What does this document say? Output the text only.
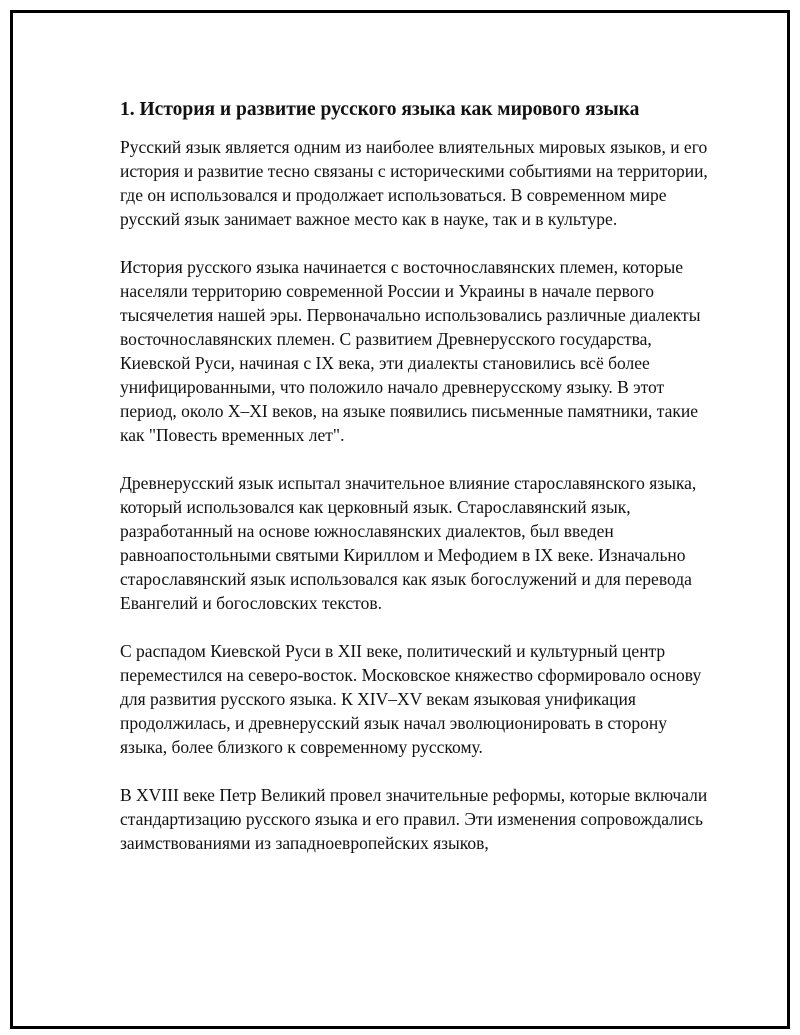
1. История и развитие русского языка как мирового языка

Русский язык является одним из наиболее влиятельных мировых языков, и его история и развитие тесно связаны с историческими событиями на территории, где он использовался и продолжает использоваться. В современном мире русский язык занимает важное место как в науке, так и в культуре.

История русского языка начинается с восточнославянских племен, которые населяли территорию современной России и Украины в начале первого тысячелетия нашей эры. Первоначально использовались различные диалекты восточнославянских племен. С развитием Древнерусского государства, Киевской Руси, начиная с IX века, эти диалекты становились всё более унифицированными, что положило начало древнерусскому языку. В этот период, около X–XI веков, на языке появились письменные памятники, такие как "Повесть временных лет".

Древнерусский язык испытал значительное влияние старославянского языка, который использовался как церковный язык. Старославянский язык, разработанный на основе южнославянских диалектов, был введен равноапостольными святыми Кириллом и Мефодием в IX веке. Изначально старославянский язык использовался как язык богослужений и для перевода Евангелий и богословских текстов.

С распадом Киевской Руси в XII веке, политический и культурный центр переместился на северо-восток. Московское княжество сформировало основу для развития русского языка. К XIV–XV векам языковая унификация продолжилась, и древнерусский язык начал эволюционировать в сторону языка, более близкого к современному русскому.

В XVIII веке Петр Великий провел значительные реформы, которые включали стандартизацию русского языка и его правил. Эти изменения сопровождались заимствованиями из западноевропейских языков,
